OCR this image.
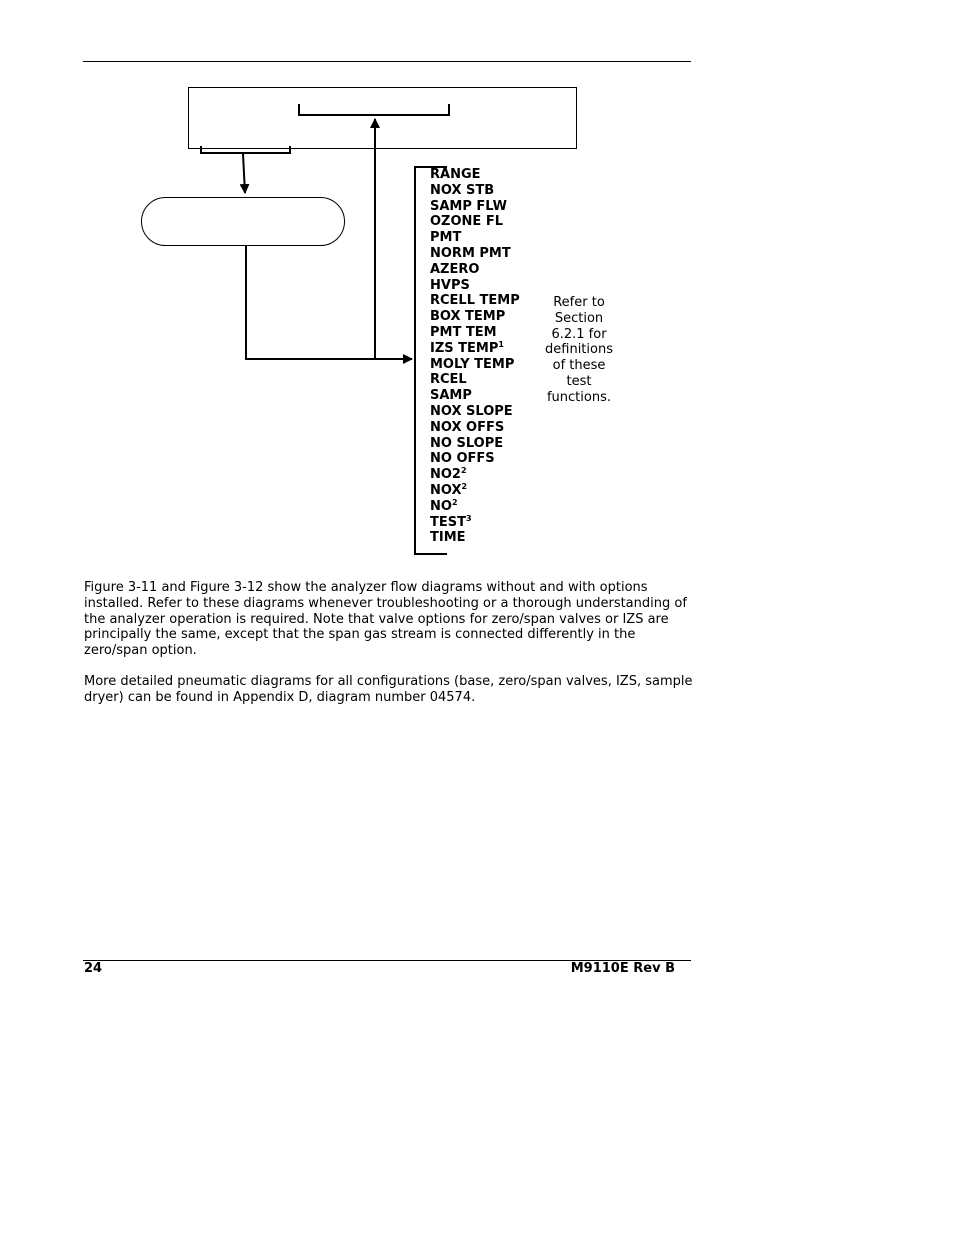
RANGE
NOX STB
SAMP FLW
OZONE FL
PMT
NORM PMT
AZERO
HVPS
RCELL TEMP
BOX TEMP
PMT TEM
IZS TEMP$^1$
MOLY TEMP
RCEL
SAMP
NOX SLOPE
NOX OFFS
NO SLOPE
NO OFFS
$NO2^2$
NOX$^2$
$NO^2$
TEST$^3$
TIME
Refer to
Section
6.2.1 for
definitions
of these
test
functions.

Figure 3-11 and Figure 3-12 show the analyzer flow diagrams without and with options installed. Refer to these diagrams whenever troubleshooting or a thorough understanding of the analyzer operation is required. Note that valve options for zero/span valves or IZS are principally the same, except that the span gas stream is connected differently in the zero/span option.

More detailed pneumatic diagrams for all configurations (base, zero/span valves, IZS, sample dryer) can be found in Appendix D, diagram number 04574.

24	M9110E Rev B
